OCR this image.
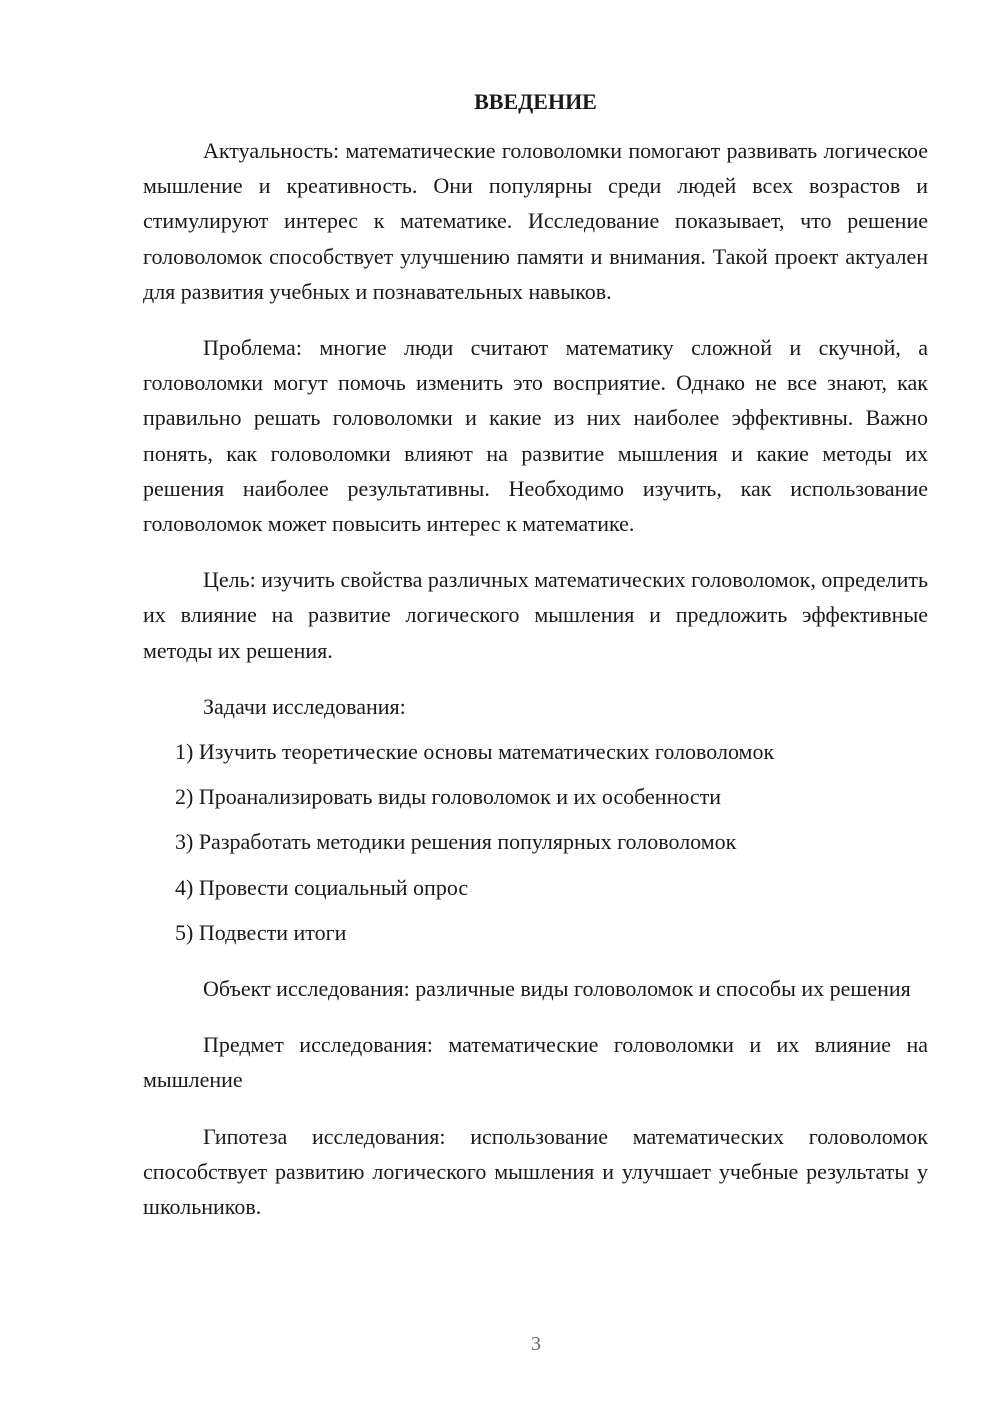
ВВЕДЕНИЕ

Актуальность: математические головоломки помогают развивать логическое мышление и креативность. Они популярны среди людей всех возрастов и стимулируют интерес к математике. Исследование показывает, что решение головоломок способствует улучшению памяти и внимания. Такой проект актуален для развития учебных и познавательных навыков.

Проблема: многие люди считают математику сложной и скучной, а головоломки могут помочь изменить это восприятие. Однако не все знают, как правильно решать головоломки и какие из них наиболее эффективны. Важно понять, как головоломки влияют на развитие мышления и какие методы их решения наиболее результативны. Необходимо изучить, как использование головоломок может повысить интерес к математике.

Цель: изучить свойства различных математических головоломок, определить их влияние на развитие логического мышления и предложить эффективные методы их решения.

Задачи исследования:

1) Изучить теоретические основы математических головоломок
2) Проанализировать виды головоломок и их особенности
3) Разработать методики решения популярных головоломок
4) Провести социальный опрос
5) Подвести итоги

Объект исследования: различные виды головоломок и способы их решения

Предмет исследования: математические головоломки и их влияние на мышление

Гипотеза исследования: использование математических головоломок способствует развитию логического мышления и улучшает учебные результаты у школьников.

3
